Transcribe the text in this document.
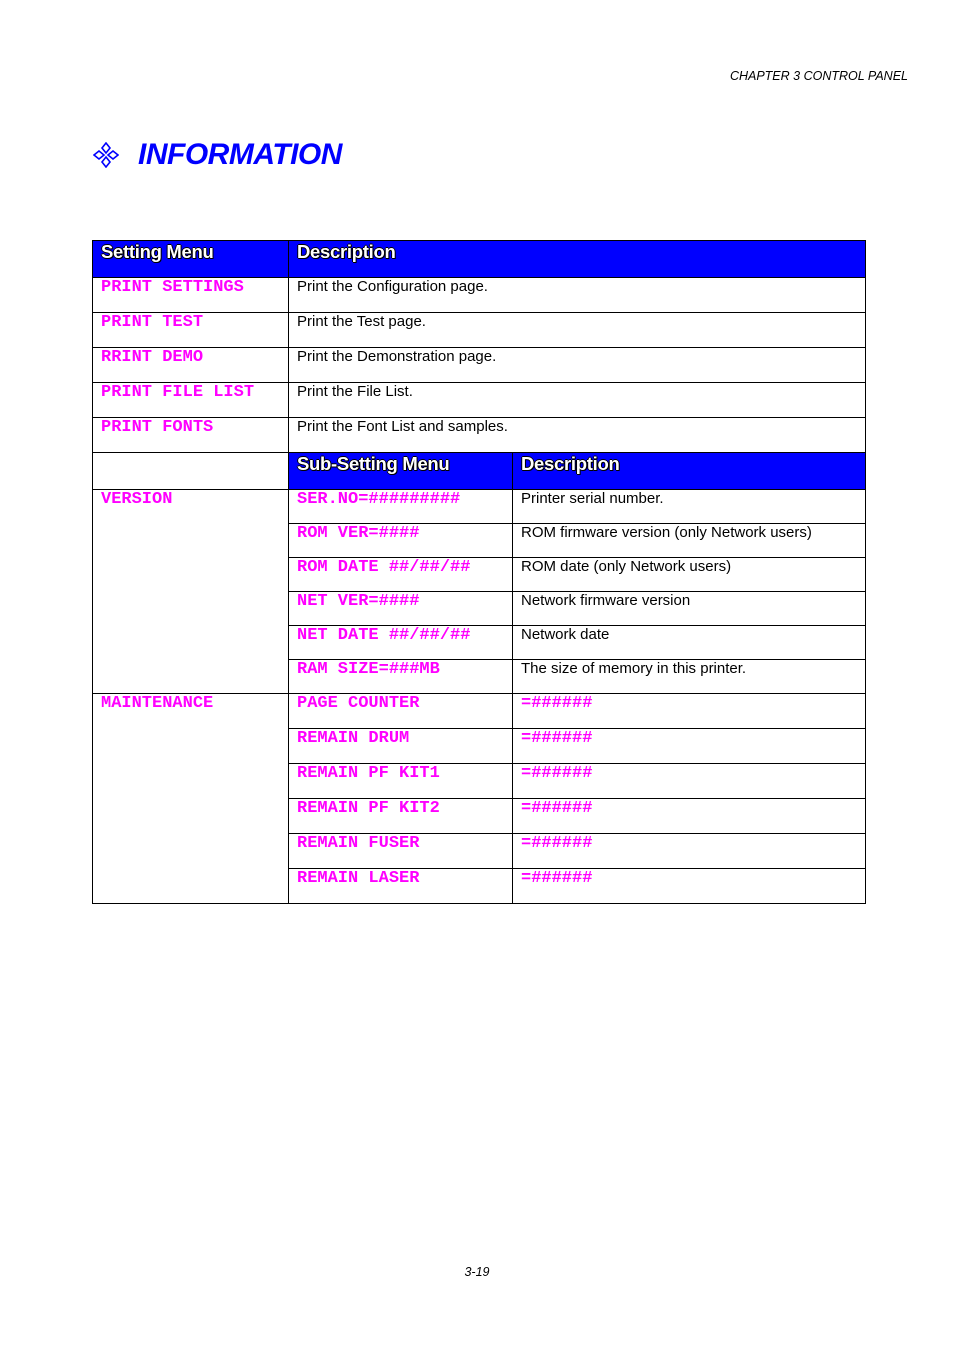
CHAPTER 3 CONTROL PANEL
INFORMATION
Setting Menu	Description	
PRINT SETTINGS	Print the Configuration page.	
PRINT TEST	Print the Test page.	
RRINT DEMO	Print the Demonstration page.	
PRINT FILE LIST	Print the File List.	
PRINT FONTS	Print the Font List and samples.	
	Sub-Setting Menu	Description
VERSION	SER.NO=#########	Printer serial number.
	ROM VER=####	ROM firmware version (only Network users)
	ROM DATE ##/##/##	ROM date (only Network users)
	NET VER=####	Network firmware version
	NET DATE ##/##/##	Network date
	RAM SIZE=###MB	The size of memory in this printer.
MAINTENANCE	PAGE COUNTER	=######
	REMAIN DRUM	=######
	REMAIN PF KIT1	=######
	REMAIN PF KIT2	=######
	REMAIN FUSER	=######
	REMAIN LASER	=######
3-19
